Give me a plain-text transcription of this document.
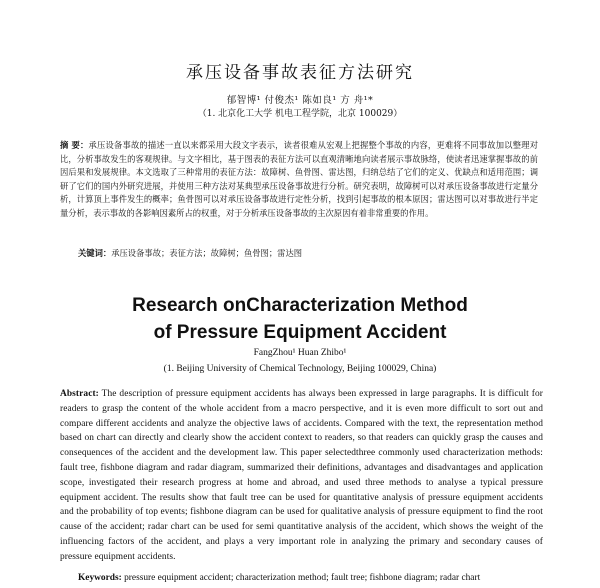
承压设备事故表征方法研究
郁智博¹ 付俊杰¹ 陈如良¹ 方 舟¹*
（1. 北京化工大学 机电工程学院，北京 100029）
摘 要：承压设备事故的描述一直以来都采用大段文字表示，读者很难从宏观上把握整个事故的内容，更难将不同事故加以整理对比，分析事故发生的客观规律。与文字相比，基于图表的表征方法可以直观清晰地向读者展示事故脉络，使读者迅速掌握事故的前因后果和发展规律。本文选取了三种常用的表征方法：故障树、鱼骨图、雷达图，归纳总结了它们的定义、优缺点和适用范围；调研了它们的国内外研究进展，并使用三种方法对某典型承压设备事故进行分析。研究表明，故障树可以对承压设备事故进行定量分析，计算顶上事件发生的概率；鱼骨图可以对承压设备事故进行定性分析，找到引起事故的根本原因；雷达图可以对事故进行半定量分析，表示事故的各影响因素所占的权重，对于分析承压设备事故的主次原因有着非常重要的作用。
关键词：承压设备事故；表征方法；故障树；鱼骨图；雷达图
Research onCharacterization Method
of Pressure Equipment Accident
FangZhou¹ Huan Zhibo¹
(1. Beijing University of Chemical Technology, Beijing 100029, China)
Abstract: The description of pressure equipment accidents has always been expressed in large paragraphs. It is difficult for readers to grasp the content of the whole accident from a macro perspective, and it is even more difficult to sort out and compare different accidents and analyze the objective laws of accidents. Compared with the text, the representation method based on chart can directly and clearly show the accident context to readers, so that readers can quickly grasp the causes and consequences of the accident and the development law. This paper selectedthree commonly used characterization methods: fault tree, fishbone diagram and radar diagram, summarized their definitions, advantages and disadvantages and application scope, investigated their research progress at home and abroad, and used three methods to analyse a typical pressure equipment accident. The results show that fault tree can be used for quantitative analysis of pressure equipment accidents and the probability of top events; fishbone diagram can be used for qualitative analysis of pressure equipment to find the root cause of the accident; radar chart can be used for semi quantitative analysis of the accident, which shows the weight of the influencing factors of the accident, and plays a very important role in analyzing the primary and secondary causes of pressure equipment accidents.
Keywords: pressure equipment accident; characterization method; fault tree; fishbone diagram; radar chart
